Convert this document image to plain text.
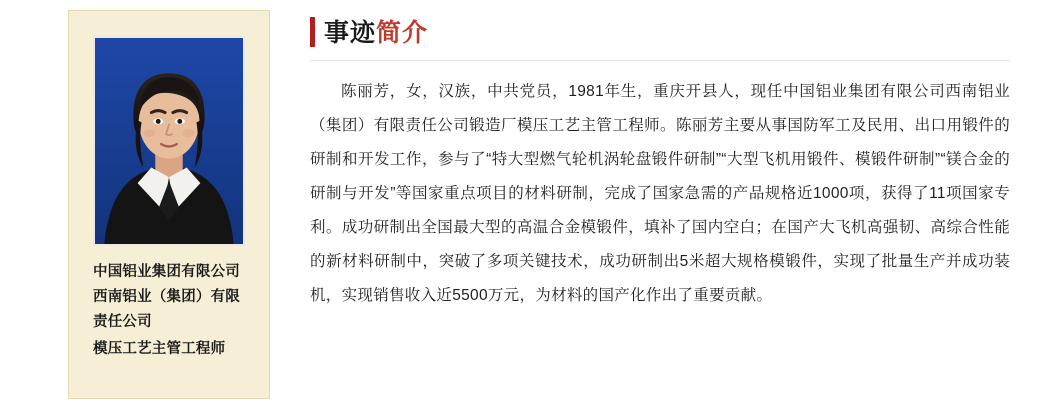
中国铝业集团有限公司
西南铝业（集团）有限
责任公司
模压工艺主管工程师
事迹简介
陈丽芳，女，汉族，中共党员，1981年生，重庆开县人，现任中国铝业集团有限公司西南铝业（集团）有限责任公司锻造厂模压工艺主管工程师。陈丽芳主要从事国防军工及民用、出口用锻件的研制和开发工作，参与了“特大型燃气轮机涡轮盘锻件研制”“大型飞机用锻件、模锻件研制”“镁合金的研制与开发”等国家重点项目的材料研制，完成了国家急需的产品规格近1000项，获得了11项国家专利。成功研制出全国最大型的高温合金模锻件，填补了国内空白；在国产大飞机高强韧、高综合性能的新材料研制中，突破了多项关键技术，成功研制出5米超大规格模锻件，实现了批量生产并成功装机，实现销售收入近5500万元，为材料的国产化作出了重要贡献。
